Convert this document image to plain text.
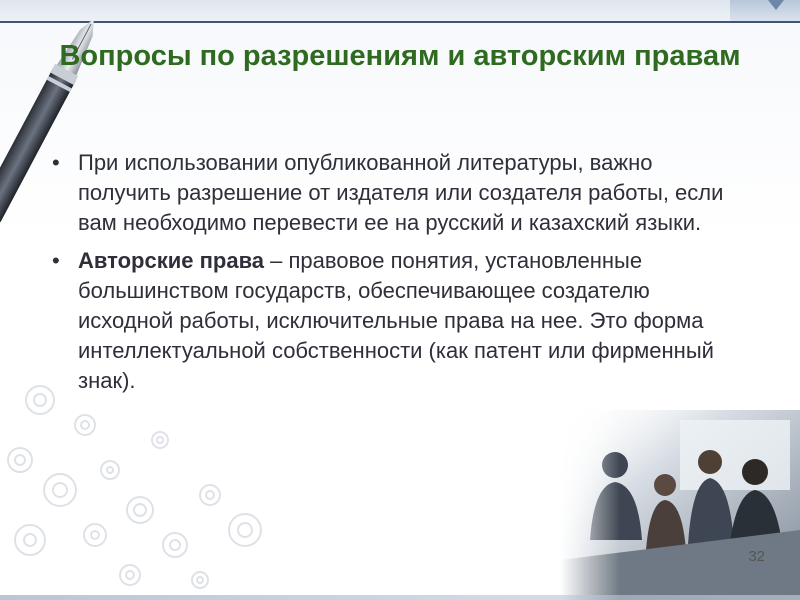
Вопросы по разрешениям и авторским правам
• При использовании опубликованной литературы, важно получить разрешение от издателя или создателя работы, если вам необходимо перевести ее на русский и казахский языки.
• Авторские права – правовое понятия, установленные большинством государств, обеспечивающее создателю исходной работы, исключительные права на нее. Это форма интеллектуальной собственности (как патент или фирменный знак).
32
